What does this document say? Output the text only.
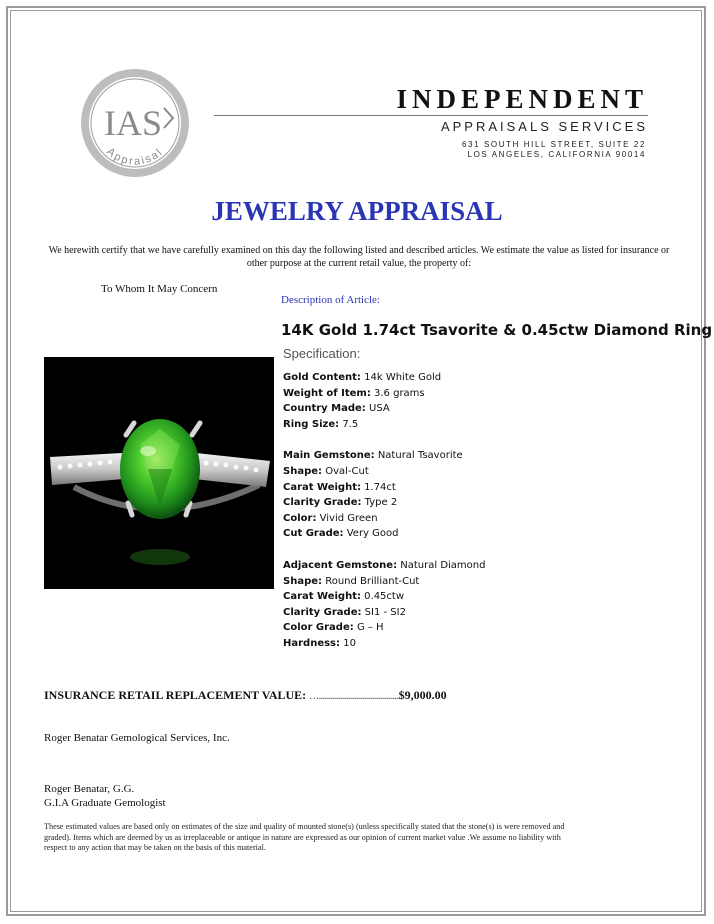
IAS
Appraisal
INDEPENDENT
APPRAISALS SERVICES
631 SOUTH HILL STREET, SUITE 22
LOS ANGELES, CALIFORNIA 90014
JEWELRY APPRAISAL
We herewith certify that we have carefully examined on this day the following listed and described articles. We estimate the value as listed for insurance or other purpose at the current retail value, the property of:
To Whom It May Concern
Description of Article:
14K Gold 1.74ct Tsavorite & 0.45ctw Diamond Ring
Specification:
Gold Content: 14k White Gold
Weight of Item: 3.6 grams
Country Made: USA
Ring Size: 7.5
Main Gemstone: Natural Tsavorite
Shape: Oval-Cut
Carat Weight: 1.74ct
Clarity Grade: Type 2
Color: Vivid Green
Cut Grade: Very Good
Adjacent Gemstone: Natural Diamond
Shape: Round Brilliant-Cut
Carat Weight: 0.45ctw
Clarity Grade: SI1 - SI2
Color Grade: G – H
Hardness: 10
INSURANCE RETAIL REPLACEMENT VALUE: …........................................$9,000.00
Roger Benatar Gemological Services, Inc.
Roger Benatar, G.G.
G.I.A Graduate Gemologist
These estimated values are based only on estimates of the size and quality of mounted stone(s) (unless specifically stated that the stone(s) is were removed and graded). Items which are deemed by us as irreplaceable or antique in nature are expressed as our opinion of current market value .We assume no liability with respect to any action that may be taken on the basis of this material.
